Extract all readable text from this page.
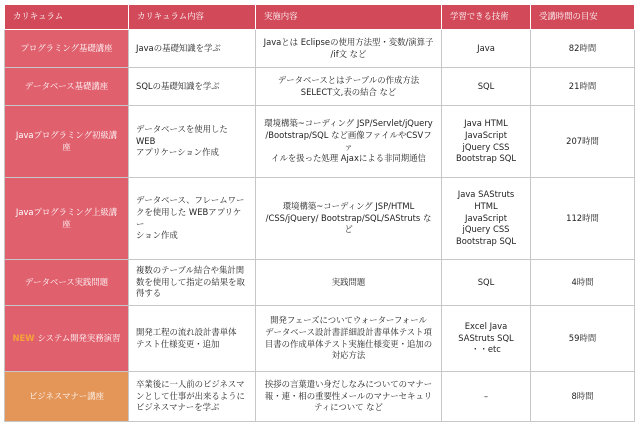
カリキュラム	カリキュラム内容	実施内容	学習できる技術	受講時間の目安
プログラミング基礎講座	Javaの基礎知識を学ぶ	Javaとは Eclipseの使用方法型・変数/演算子
/if文 など	Java	82時間
データベース基礎講座	SQLの基礎知識を学ぶ	データベースとはテーブルの作成方法
SELECT文,表の結合 など	SQL	21時間
Javaプログラミング初級講座	データベースを使用した WEB
アプリケーション作成	環境構築~コーディング JSP/Servlet/jQuery
/Bootstrap/SQL など画像ファイルやCSVファ
イルを扱った処理 Ajaxによる非同期通信	Java HTML
JavaScript
jQuery CSS
Bootstrap SQL	207時間
Javaプログラミング上級講座	データベース、フレームワー
クを使用した WEBアプリケー
ション作成	環境構築~コーディング JSP/HTML
/CSS/jQuery/ Bootstrap/SQL/SAStruts など	Java SAStruts
HTML
JavaScript
jQuery CSS
Bootstrap SQL	112時間
データベース実践問題	複数のテーブル結合や集計関
数を使用して指定の結果を取
得する	実践問題	SQL	4時間
NEW システム開発実務演習	開発工程の流れ設計書単体
テスト仕様変更・追加	開発フェーズについてウォーターフォール
データベース設計書詳細設計書単体テスト項
目書の作成単体テスト実施仕様変更・追加の
対応方法	Excel Java
SAStruts SQL
・・etc	59時間
ビジネスマナー講座	卒業後に一人前のビジネスマ
ンとして仕事が出来るように
ビジネスマナーを学ぶ	挨拶の言葉遣い身だしなみについてのマナー
報・連・相の重要性メールのマナーセキュリ
ティについて など	–	8時間
